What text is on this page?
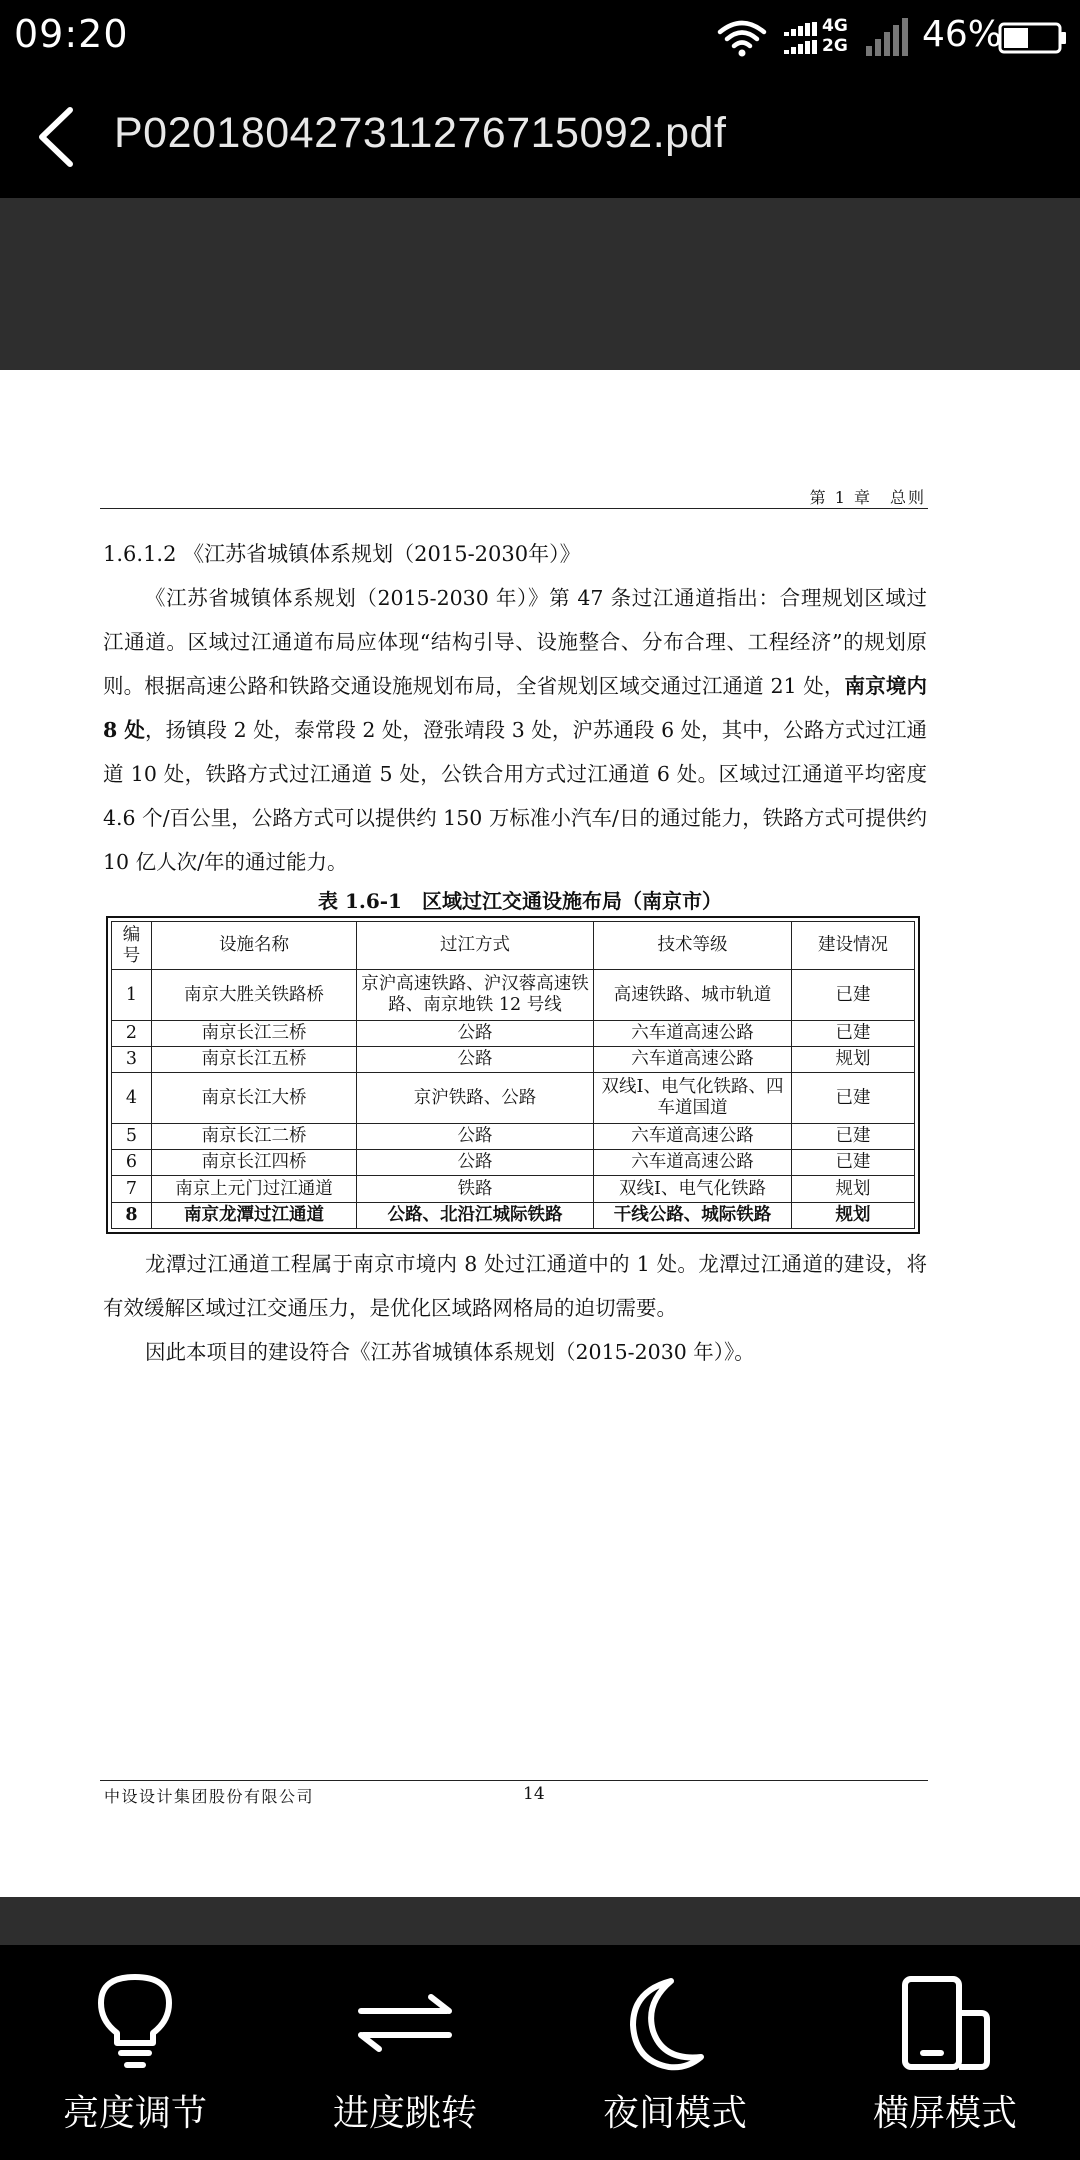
09:20	4G
2G 46%
P020180427311276715092.pdf
第 1 章　总则
1.6.1.2 《江苏省城镇体系规划（2015-2030年）》

《江苏省城镇体系规划（2015-2030 年）》第 47 条过江通道指出：合理规划区域过江通道。区域过江通道布局应体现“结构引导、设施整合、分布合理、工程经济”的规划原则。根据高速公路和铁路交通设施规划布局，全省规划区域交通过江通道 21 处，南京境内 8 处，扬镇段 2 处，泰常段 2 处，澄张靖段 3 处，沪苏通段 6 处，其中，公路方式过江通道 10 处，铁路方式过江通道 5 处，公铁合用方式过江通道 6 处。区域过江通道平均密度 4.6 个/百公里，公路方式可以提供约 150 万标准小汽车/日的通过能力，铁路方式可提供约 10 亿人次/年的通过能力。

表 1.6-1　区域过江交通设施布局（南京市）
编号	设施名称	过江方式	技术等级	建设情况
1	南京大胜关铁路桥	京沪高速铁路、沪汉蓉高速铁路、南京地铁 12 号线	高速铁路、城市轨道	已建
2	南京长江三桥	公路	六车道高速公路	已建
3	南京长江五桥	公路	六车道高速公路	规划
4	南京长江大桥	京沪铁路、公路	双线Ⅰ、电气化铁路、四车道国道	已建
5	南京长江二桥	公路	六车道高速公路	已建
6	南京长江四桥	公路	六车道高速公路	已建
7	南京上元门过江通道	铁路	双线Ⅰ、电气化铁路	规划
8	南京龙潭过江通道	公路、北沿江城际铁路	干线公路、城际铁路	规划

龙潭过江通道工程属于南京市境内 8 处过江通道中的 1 处。龙潭过江通道的建设，将有效缓解区域过江交通压力，是优化区域路网格局的迫切需要。

因此本项目的建设符合《江苏省城镇体系规划（2015-2030 年）》。

中设设计集团股份有限公司	14
亮度调节	进度跳转	夜间模式	横屏模式
